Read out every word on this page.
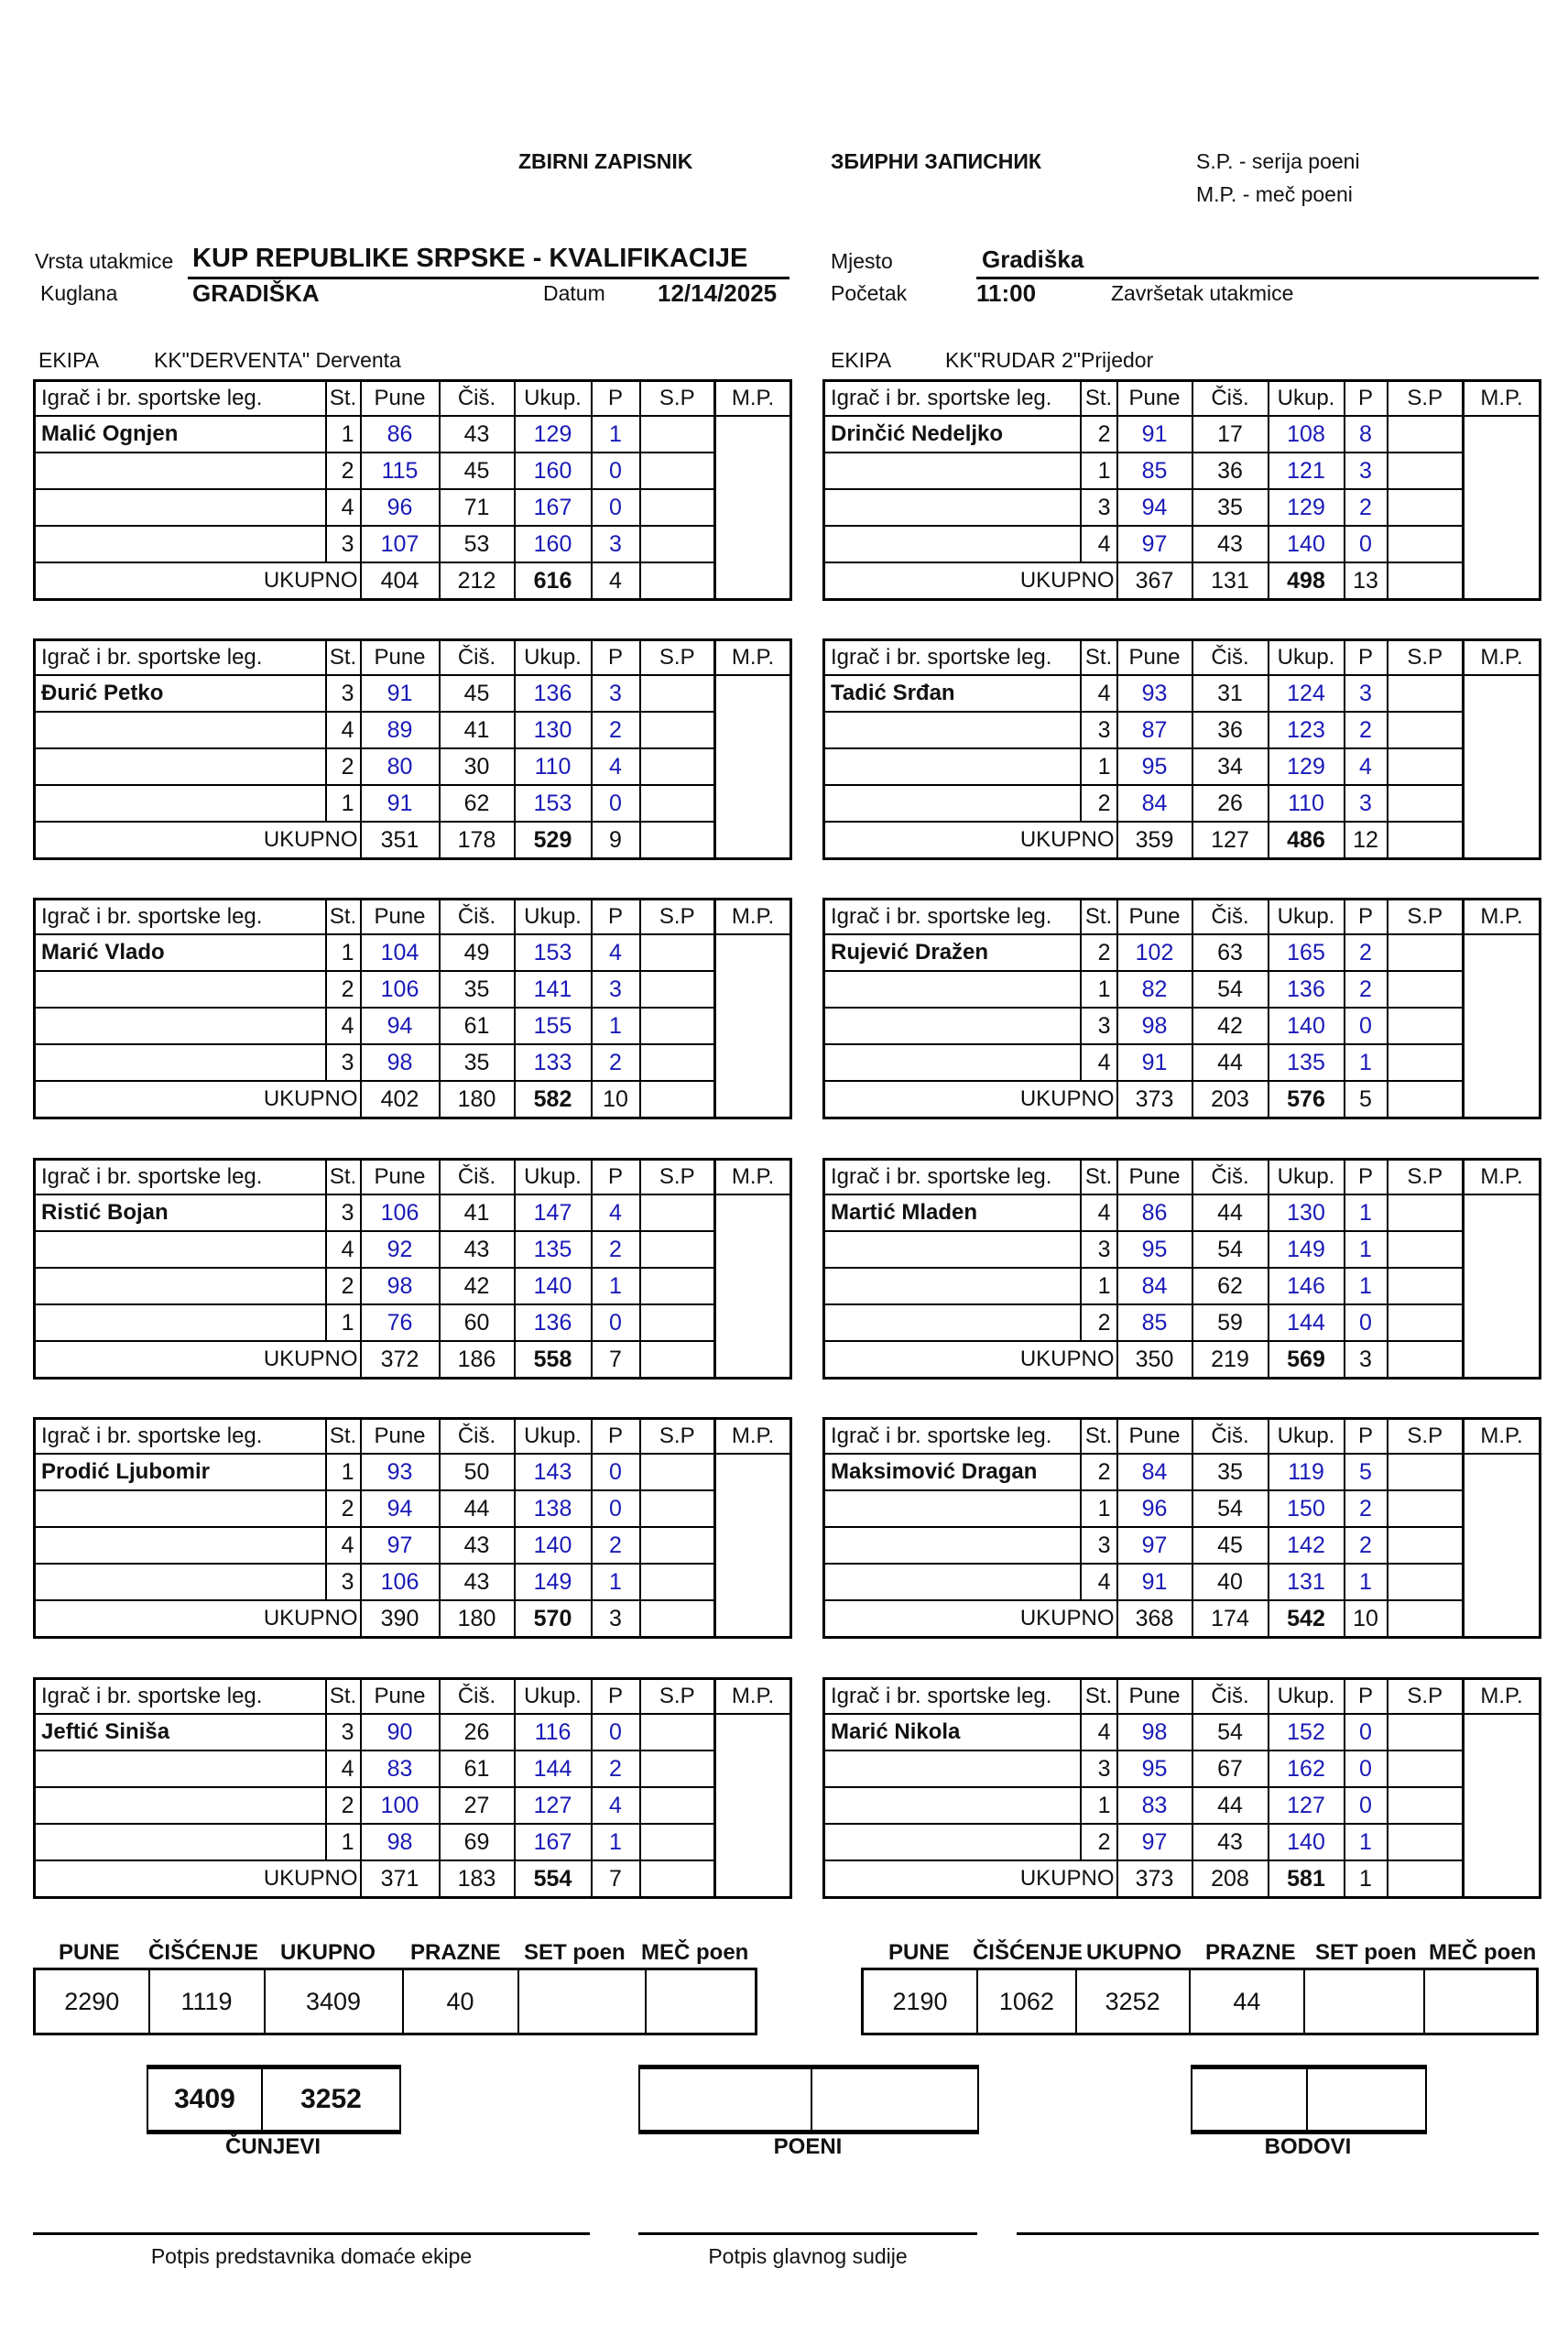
ZBIRNI ZAPISNIK	ЗБИРНИ ЗАПИСНИК	S.P. - serija poeni
M.P. - meč poeni
Vrsta utakmice KUP REPUBLIKE SRPSKE - KVALIFIKACIJE
Kuglana	GRADIŠKA	Datum 12/14/2025
Mjesto	Gradiška
Početak	11:00	Završetak utakmice
EKIPA	KK"DERVENTA" Derventa	EKIPA	KK"RUDAR 2"Prijedor
Igrač i br. sportske leg.	St.	Pune	Čiš.	Ukup.	P	S.P	M.P.
Malić Ognjen	1	86	43	129	1		
	2	115	45	160	0		
	4	96	71	167	0		
	3	107	53	160	3		
UKUPNO		404	212	616	4		
Igrač i br. sportske leg.	St.	Pune	Čiš.	Ukup.	P	S.P	M.P.
Đurić Petko	3	91	45	136	3		
	4	89	41	130	2		
	2	80	30	110	4		
	1	91	62	153	0		
UKUPNO		351	178	529	9		
Igrač i br. sportske leg.	St.	Pune	Čiš.	Ukup.	P	S.P	M.P.
Marić Vlado	1	104	49	153	4		
	2	106	35	141	3		
	4	94	61	155	1		
	3	98	35	133	2		
UKUPNO		402	180	582	10		
Igrač i br. sportske leg.	St.	Pune	Čiš.	Ukup.	P	S.P	M.P.
Ristić Bojan	3	106	41	147	4		
	4	92	43	135	2		
	2	98	42	140	1		
	1	76	60	136	0		
UKUPNO		372	186	558	7		
Igrač i br. sportske leg.	St.	Pune	Čiš.	Ukup.	P	S.P	M.P.
Prodić Ljubomir	1	93	50	143	0		
	2	94	44	138	0		
	4	97	43	140	2		
	3	106	43	149	1		
UKUPNO		390	180	570	3		
Igrač i br. sportske leg.	St.	Pune	Čiš.	Ukup.	P	S.P	M.P.
Jeftić Siniša	3	90	26	116	0		
	4	83	61	144	2		
	2	100	27	127	4		
	1	98	69	167	1		
UKUPNO		371	183	554	7		
Igrač i br. sportske leg.	St.	Pune	Čiš.	Ukup.	P	S.P	M.P.
Drinčić Nedeljko	2	91	17	108	8		
	1	85	36	121	3		
	3	94	35	129	2		
	4	97	43	140	0		
UKUPNO		367	131	498	13		
Igrač i br. sportske leg.	St.	Pune	Čiš.	Ukup.	P	S.P	M.P.
Tadić Srđan	4	93	31	124	3		
	3	87	36	123	2		
	1	95	34	129	4		
	2	84	26	110	3		
UKUPNO		359	127	486	12		
Igrač i br. sportske leg.	St.	Pune	Čiš.	Ukup.	P	S.P	M.P.
Rujević Dražen	2	102	63	165	2		
	1	82	54	136	2		
	3	98	42	140	0		
	4	91	44	135	1		
UKUPNO		373	203	576	5		
Igrač i br. sportske leg.	St.	Pune	Čiš.	Ukup.	P	S.P	M.P.
Martić Mladen	4	86	44	130	1		
	3	95	54	149	1		
	1	84	62	146	1		
	2	85	59	144	0		
UKUPNO		350	219	569	3		
Igrač i br. sportske leg.	St.	Pune	Čiš.	Ukup.	P	S.P	M.P.
Maksimović Dragan	2	84	35	119	5		
	1	96	54	150	2		
	3	97	45	142	2		
	4	91	40	131	1		
UKUPNO		368	174	542	10		
Igrač i br. sportske leg.	St.	Pune	Čiš.	Ukup.	P	S.P	M.P.
Marić Nikola	4	98	54	152	0		
	3	95	67	162	0		
	1	83	44	127	0		
	2	97	43	140	1		
UKUPNO		373	208	581	1		
PUNE ČIŠĆENJE UKUPNO PRAZNE SET poen MEČ poen
2290	1119	3409	40		
PUNE ČIŠĆENJE UKUPNO PRAZNE SET poen MEČ poen
2190	1062	3252	44		
3409	3252
ČUNJEVI
		POENI
		BODOVI
Potpis predstavnika domaće ekipe	Potpis glavnog sudije
